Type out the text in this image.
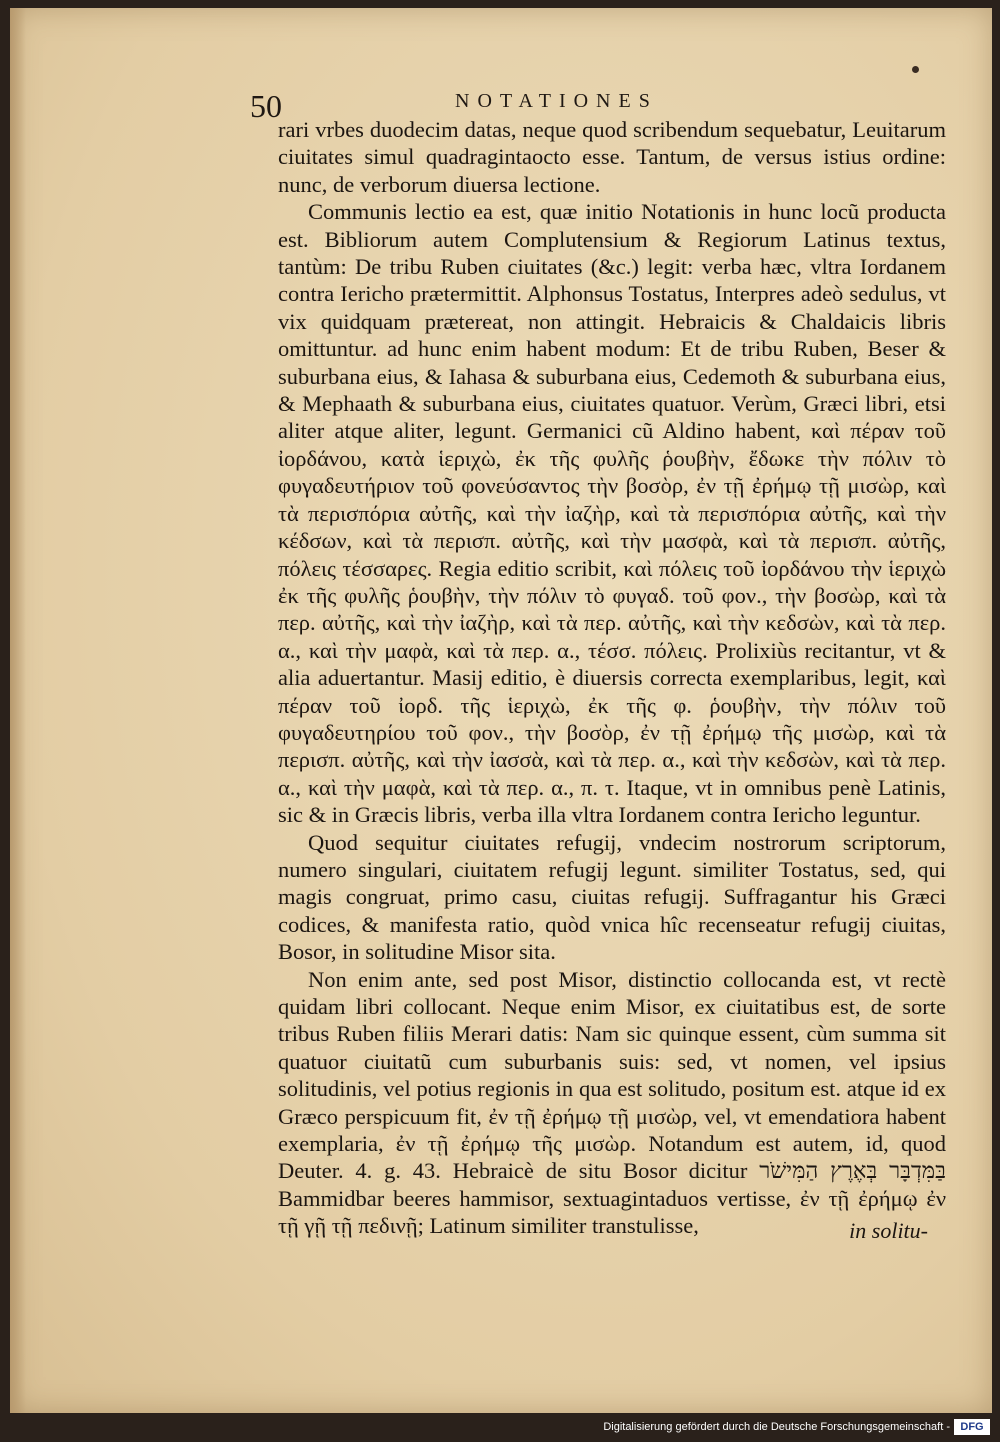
50	NOTATIONES

rari vrbes duodecim datas, neque quod scribendum sequebatur, Leuitarum ciuitates simul quadragintaocto esse. Tantum, de versus istius ordine: nunc, de verborum diuersa lectione.

Communis lectio ea est, quæ initio Notationis in hunc locũ producta est. Bibliorum autem Complutensium & Regiorum Latinus textus, tantùm: De tribu Ruben ciuitates (&c.) legit: verba hæc, vltra Iordanem contra Iericho prætermittit. Alphonsus Tostatus, Interpres adeò sedulus, vt vix quidquam prætereat, non attingit. Hebraicis & Chaldaicis libris omittuntur. ad hunc enim habent modum: Et de tribu Ruben, Beser & suburbana eius, & Iahasa & suburbana eius, Cedemoth & suburbana eius, & Mephaath & suburbana eius, ciuitates quatuor. Verùm, Græci libri, etsi aliter atque aliter, legunt. Germanici cũ Aldino habent, καὶ πέραν τοῦ ἰορδάνου, κατὰ ἱεριχὼ, ἐκ τῆς φυλῆς ῥουβὴν, ἔδωκε τὴν πόλιν τὸ φυγαδευτήριον τοῦ φονεύσαντος τὴν βοσὸρ, ἐν τῇ ἐρήμῳ τῇ μισὼρ, καὶ τὰ περισπόρια αὐτῆς, καὶ τὴν ἰαζὴρ, καὶ τὰ περισπόρια αὐτῆς, καὶ τὴν κέδσων, καὶ τὰ περισπ. αὐτῆς, καὶ τὴν μασφὰ, καὶ τὰ περισπ. αὐτῆς, πόλεις τέσσαρες. Regia editio scribit, καὶ πόλεις τοῦ ἰορδάνου τὴν ἱεριχὼ ἐκ τῆς φυλῆς ῥουβὴν, τὴν πόλιν τὸ φυγαδ. τοῦ φον., τὴν βοσὼρ, καὶ τὰ περ. αὐτῆς, καὶ τὴν ἰαζὴρ, καὶ τὰ περ. αὐτῆς, καὶ τὴν κεδσὼν, καὶ τὰ περ. α., καὶ τὴν μαφὰ, καὶ τὰ περ. α., τέσσ. πόλεις. Prolixiùs recitantur, vt & alia aduertantur. Masij editio, è diuersis correcta exemplaribus, legit, καὶ πέραν τοῦ ἰορδ. τῆς ἱεριχὼ, ἐκ τῆς φ. ῥουβὴν, τὴν πόλιν τοῦ φυγαδευτηρίου τοῦ φον., τὴν βοσὸρ, ἐν τῇ ἐρήμῳ τῆς μισὼρ, καὶ τὰ περισπ. αὐτῆς, καὶ τὴν ἰασσὰ, καὶ τὰ περ. α., καὶ τὴν κεδσὼν, καὶ τὰ περ. α., καὶ τὴν μαφὰ, καὶ τὰ περ. α., π. τ. Itaque, vt in omnibus penè Latinis, sic & in Græcis libris, verba illa vltra Iordanem contra Iericho leguntur.

Quod sequitur ciuitates refugij, vndecim nostrorum scriptorum, numero singulari, ciuitatem refugij legunt. similiter Tostatus, sed, qui magis congruat, primo casu, ciuitas refugij. Suffragantur his Græci codices, & manifesta ratio, quòd vnica hîc recenseatur refugij ciuitas, Bosor, in solitudine Misor sita.

Non enim ante, sed post Misor, distinctio collocanda est, vt rectè quidam libri collocant. Neque enim Misor, ex ciuitatibus est, de sorte tribus Ruben filiis Merari datis: Nam sic quinque essent, cùm summa sit quatuor ciuitatũ cum suburbanis suis: sed, vt nomen, vel ipsius solitudinis, vel potius regionis in qua est solitudo, positum est. atque id ex Græco perspicuum fit, ἐν τῇ ἐρήμῳ τῇ μισὼρ, vel, vt emendatiora habent exemplaria, ἐν τῇ ἐρήμῳ τῆς μισὼρ. Notandum est autem, id, quod Deuter. 4. g. 43. Hebraicè de situ Bosor dicitur בַּמִּדְבָּר בְּאֶרֶץ הַמִּישֹׁר Bammidbar beeres hammisor, sextuagintaduos vertisse, ἐν τῇ ἐρήμῳ ἐν τῇ γῇ τῇ πεδινῇ; Latinum similiter transtulisse,	in solitu-
Digitalisierung gefördert durch die Deutsche Forschungsgemeinschaft - DFG
